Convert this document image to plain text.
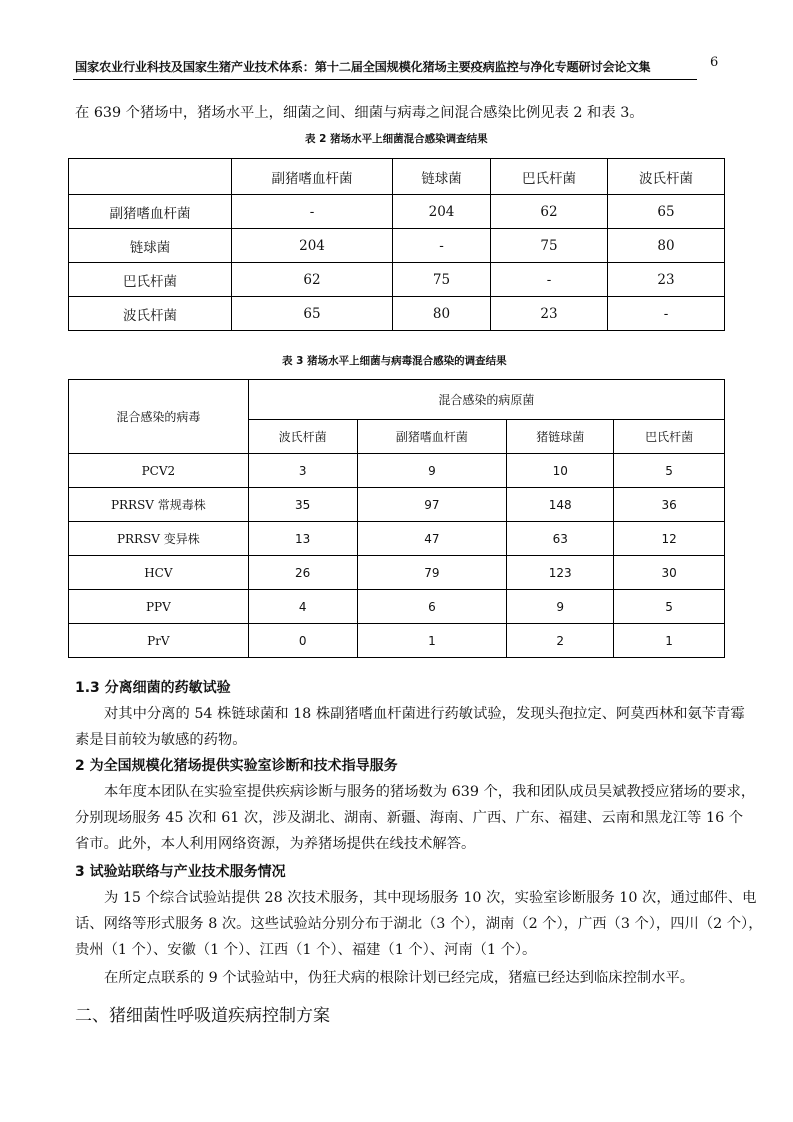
国家农业行业科技及国家生猪产业技术体系：第十二届全国规模化猪场主要疫病监控与净化专题研讨会论文集	6
在 639 个猪场中，猪场水平上，细菌之间、细菌与病毒之间混合感染比例见表 2 和表 3。
表 2 猪场水平上细菌混合感染调查结果
	副猪嗜血杆菌	链球菌	巴氏杆菌	波氏杆菌
副猪嗜血杆菌	-	204	62	65
链球菌	204	-	75	80
巴氏杆菌	62	75	-	23
波氏杆菌	65	80	23	-
表 3 猪场水平上细菌与病毒混合感染的调查结果
混合感染的病毒	混合感染的病原菌			
	波氏杆菌	副猪嗜血杆菌	猪链球菌	巴氏杆菌
PCV2	3	9	10	5
PRRSV 常规毒株	35	97	148	36
PRRSV 变异株	13	47	63	12
HCV	26	79	123	30
PPV	4	6	9	5
PrV	0	1	2	1
1.3 分离细菌的药敏试验
对其中分离的 54 株链球菌和 18 株副猪嗜血杆菌进行药敏试验，发现头孢拉定、阿莫西林和氨苄青霉
素是目前较为敏感的药物。
2 为全国规模化猪场提供实验室诊断和技术指导服务
本年度本团队在实验室提供疾病诊断与服务的猪场数为 639 个，我和团队成员吴斌教授应猪场的要求，
分别现场服务 45 次和 61 次，涉及湖北、湖南、新疆、海南、广西、广东、福建、云南和黑龙江等 16 个
省市。此外，本人利用网络资源，为养猪场提供在线技术解答。
3 试验站联络与产业技术服务情况
为 15 个综合试验站提供 28 次技术服务，其中现场服务 10 次，实验室诊断服务 10 次，通过邮件、电
话、网络等形式服务 8 次。这些试验站分别分布于湖北（3 个），湖南（2 个），广西（3 个），四川（2 个），
贵州（1 个）、安徽（1 个）、江西（1 个）、福建（1 个）、河南（1 个）。
在所定点联系的 9 个试验站中，伪狂犬病的根除计划已经完成，猪瘟已经达到临床控制水平。
二、猪细菌性呼吸道疾病控制方案
